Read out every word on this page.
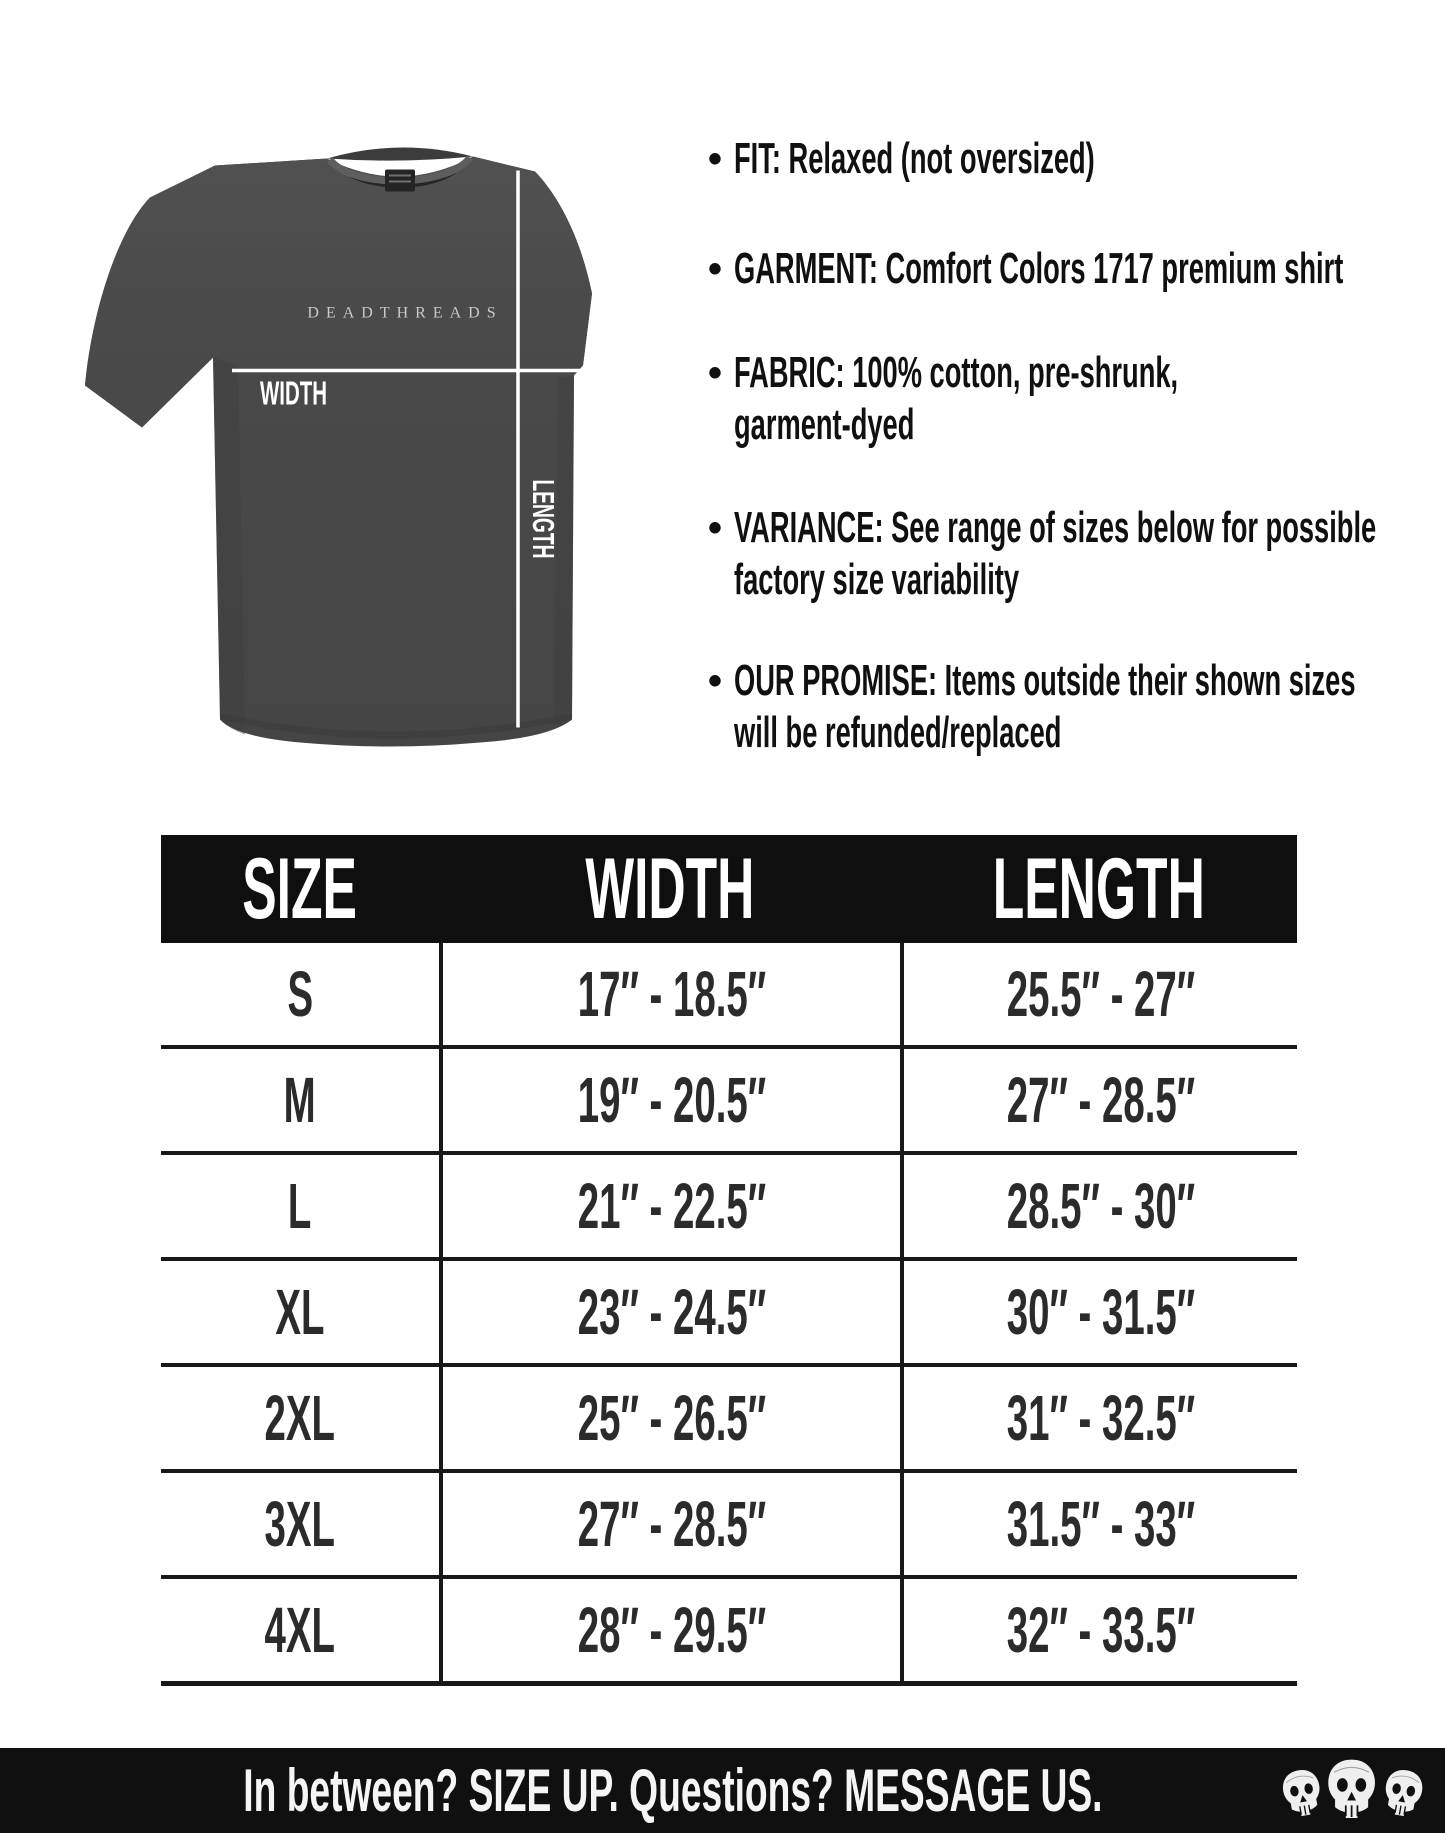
DEADTHREADS
WIDTH
LENGTH
• FIT: Relaxed (not oversized)
• GARMENT: Comfort Colors 1717 premium shirt
• FABRIC: 100% cotton, pre-shrunk,
garment-dyed
• VARIANCE: See range of sizes below for possible
factory size variability
• OUR PROMISE: Items outside their shown sizes
will be refunded/replaced
SIZE	WIDTH	LENGTH
S	17″ - 18.5″	25.5″ - 27″
M	19″ - 20.5″	27″ - 28.5″
L	21″ - 22.5″	28.5″ - 30″
XL	23″ - 24.5″	30″ - 31.5″
2XL	25″ - 26.5″	31″ - 32.5″
3XL	27″ - 28.5″	31.5″ - 33″
4XL	28″ - 29.5″	32″ - 33.5″
In between? SIZE UP. Questions? MESSAGE US.
